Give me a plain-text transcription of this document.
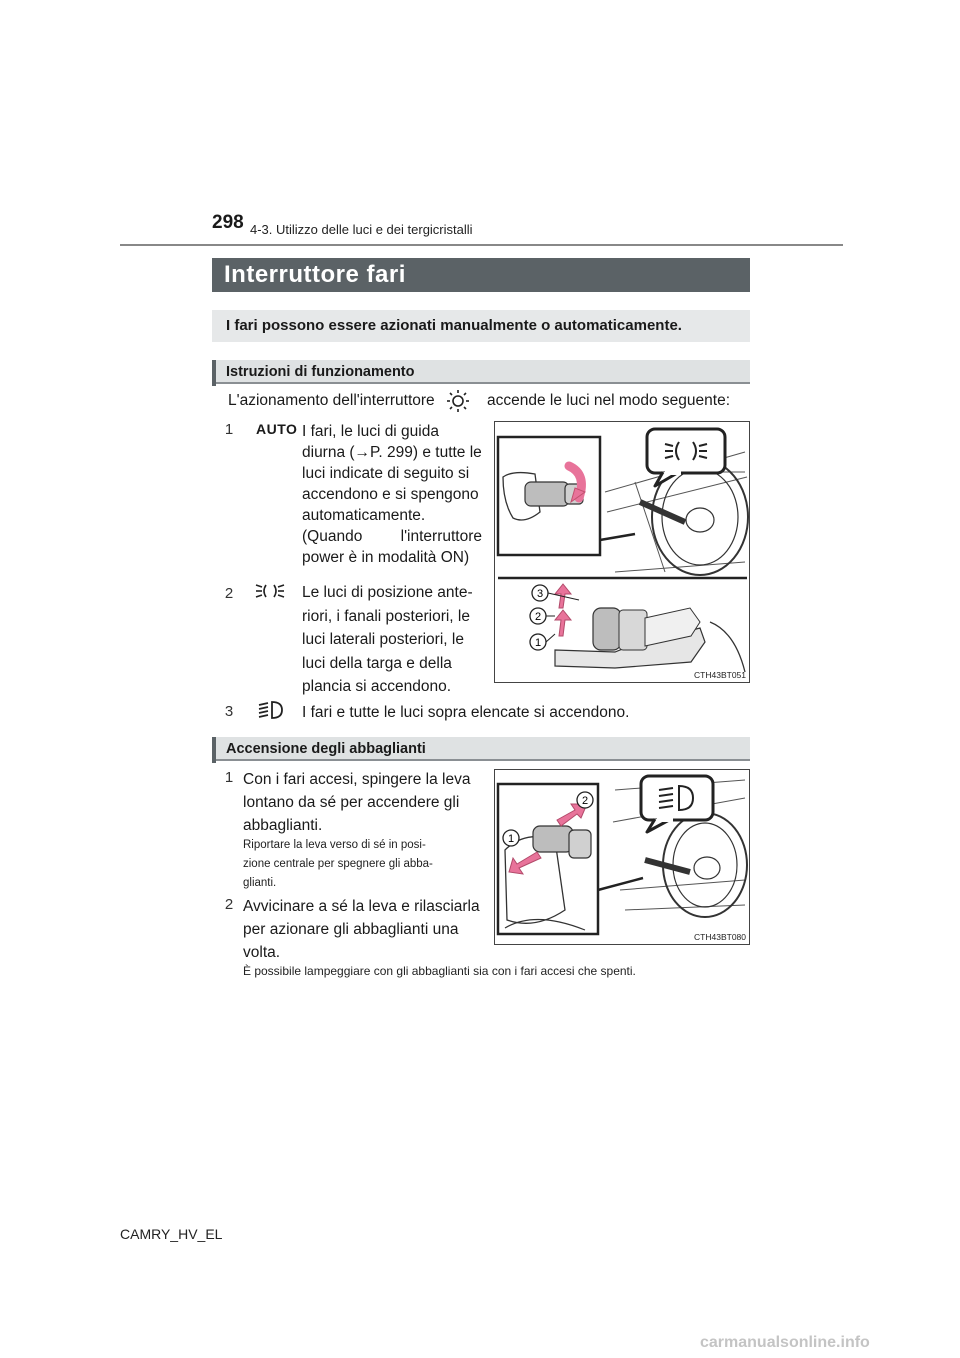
298 4-3. Utilizzo delle luci e dei tergicristalli
Interruttore fari
I fari possono essere azionati manualmente o automaticamente.
Istruzioni di funzionamento
L'azionamento dell'interruttore	accende le luci nel modo seguente:
1 AUTO I fari, le luci di guida
diurna (→P. 299) e tutte le
luci indicate di seguito si
accendono e si spengono
automaticamente.
(Quando l'interruttore
power è in modalità ON)
2	Le luci di posizione ante-
riori, i fanali posteriori, le
luci laterali posteriori, le
luci della targa e della
plancia si accendono.
3
2
1
CTH43BT051
3	I fari e tutte le luci sopra elencate si accendono.
Accensione degli abbaglianti
1 Con i fari accesi, spingere la leva
lontano da sé per accendere gli
abbaglianti.
Riportare la leva verso di sé in posi-
zione centrale per spegnere gli abba-
glianti.
2 Avvicinare a sé la leva e rilasciarla
per azionare gli abbaglianti una
volta.
1
2
CTH43BT080
È possibile lampeggiare con gli abbaglianti sia con i fari accesi che spenti.
CAMRY_HV_EL
carmanualsonline.info
